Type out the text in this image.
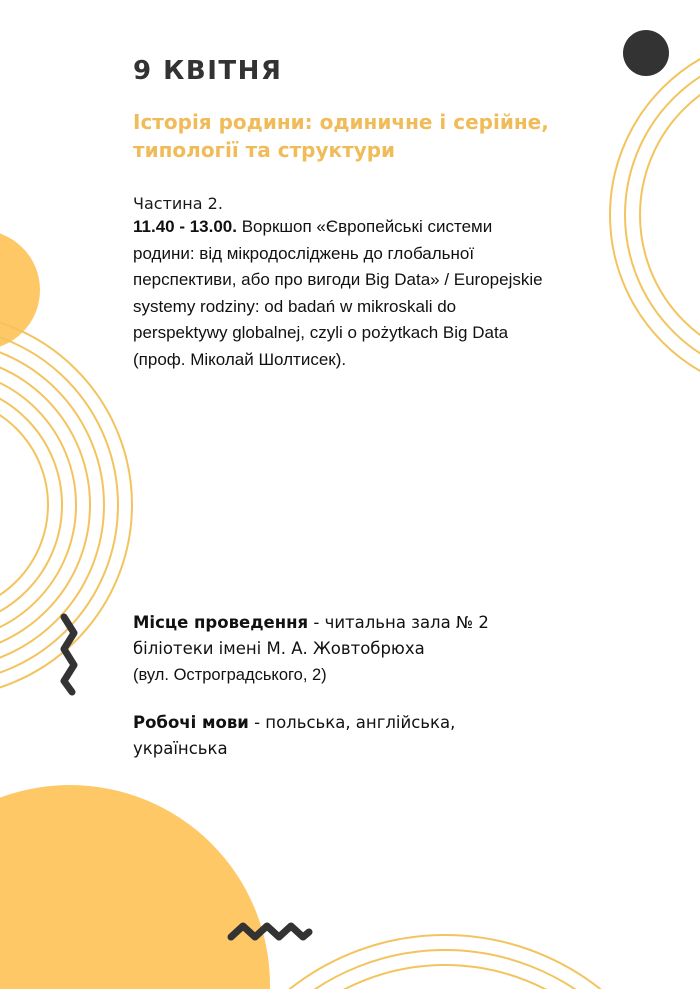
9 КВІТНЯ
Історія родини: одиничне і серійне, типології та структури

Частина 2.

11.40 - 13.00. Воркшоп «Європейські системи родини: від мікродосліджень до глобальної перспективи, або про вигоди Big Data» / Europejskie systemy rodziny: od badań w mikroskali do perspektywy globalnej, czyli o pożytkach Big Data
(проф. Міколай Шолтисек).

Місце проведення - читальна зала № 2 біліотеки імені М. А. Жовтобрюха
(вул. Остроградського, 2)

Робочі мови - польська, англійська, українська
